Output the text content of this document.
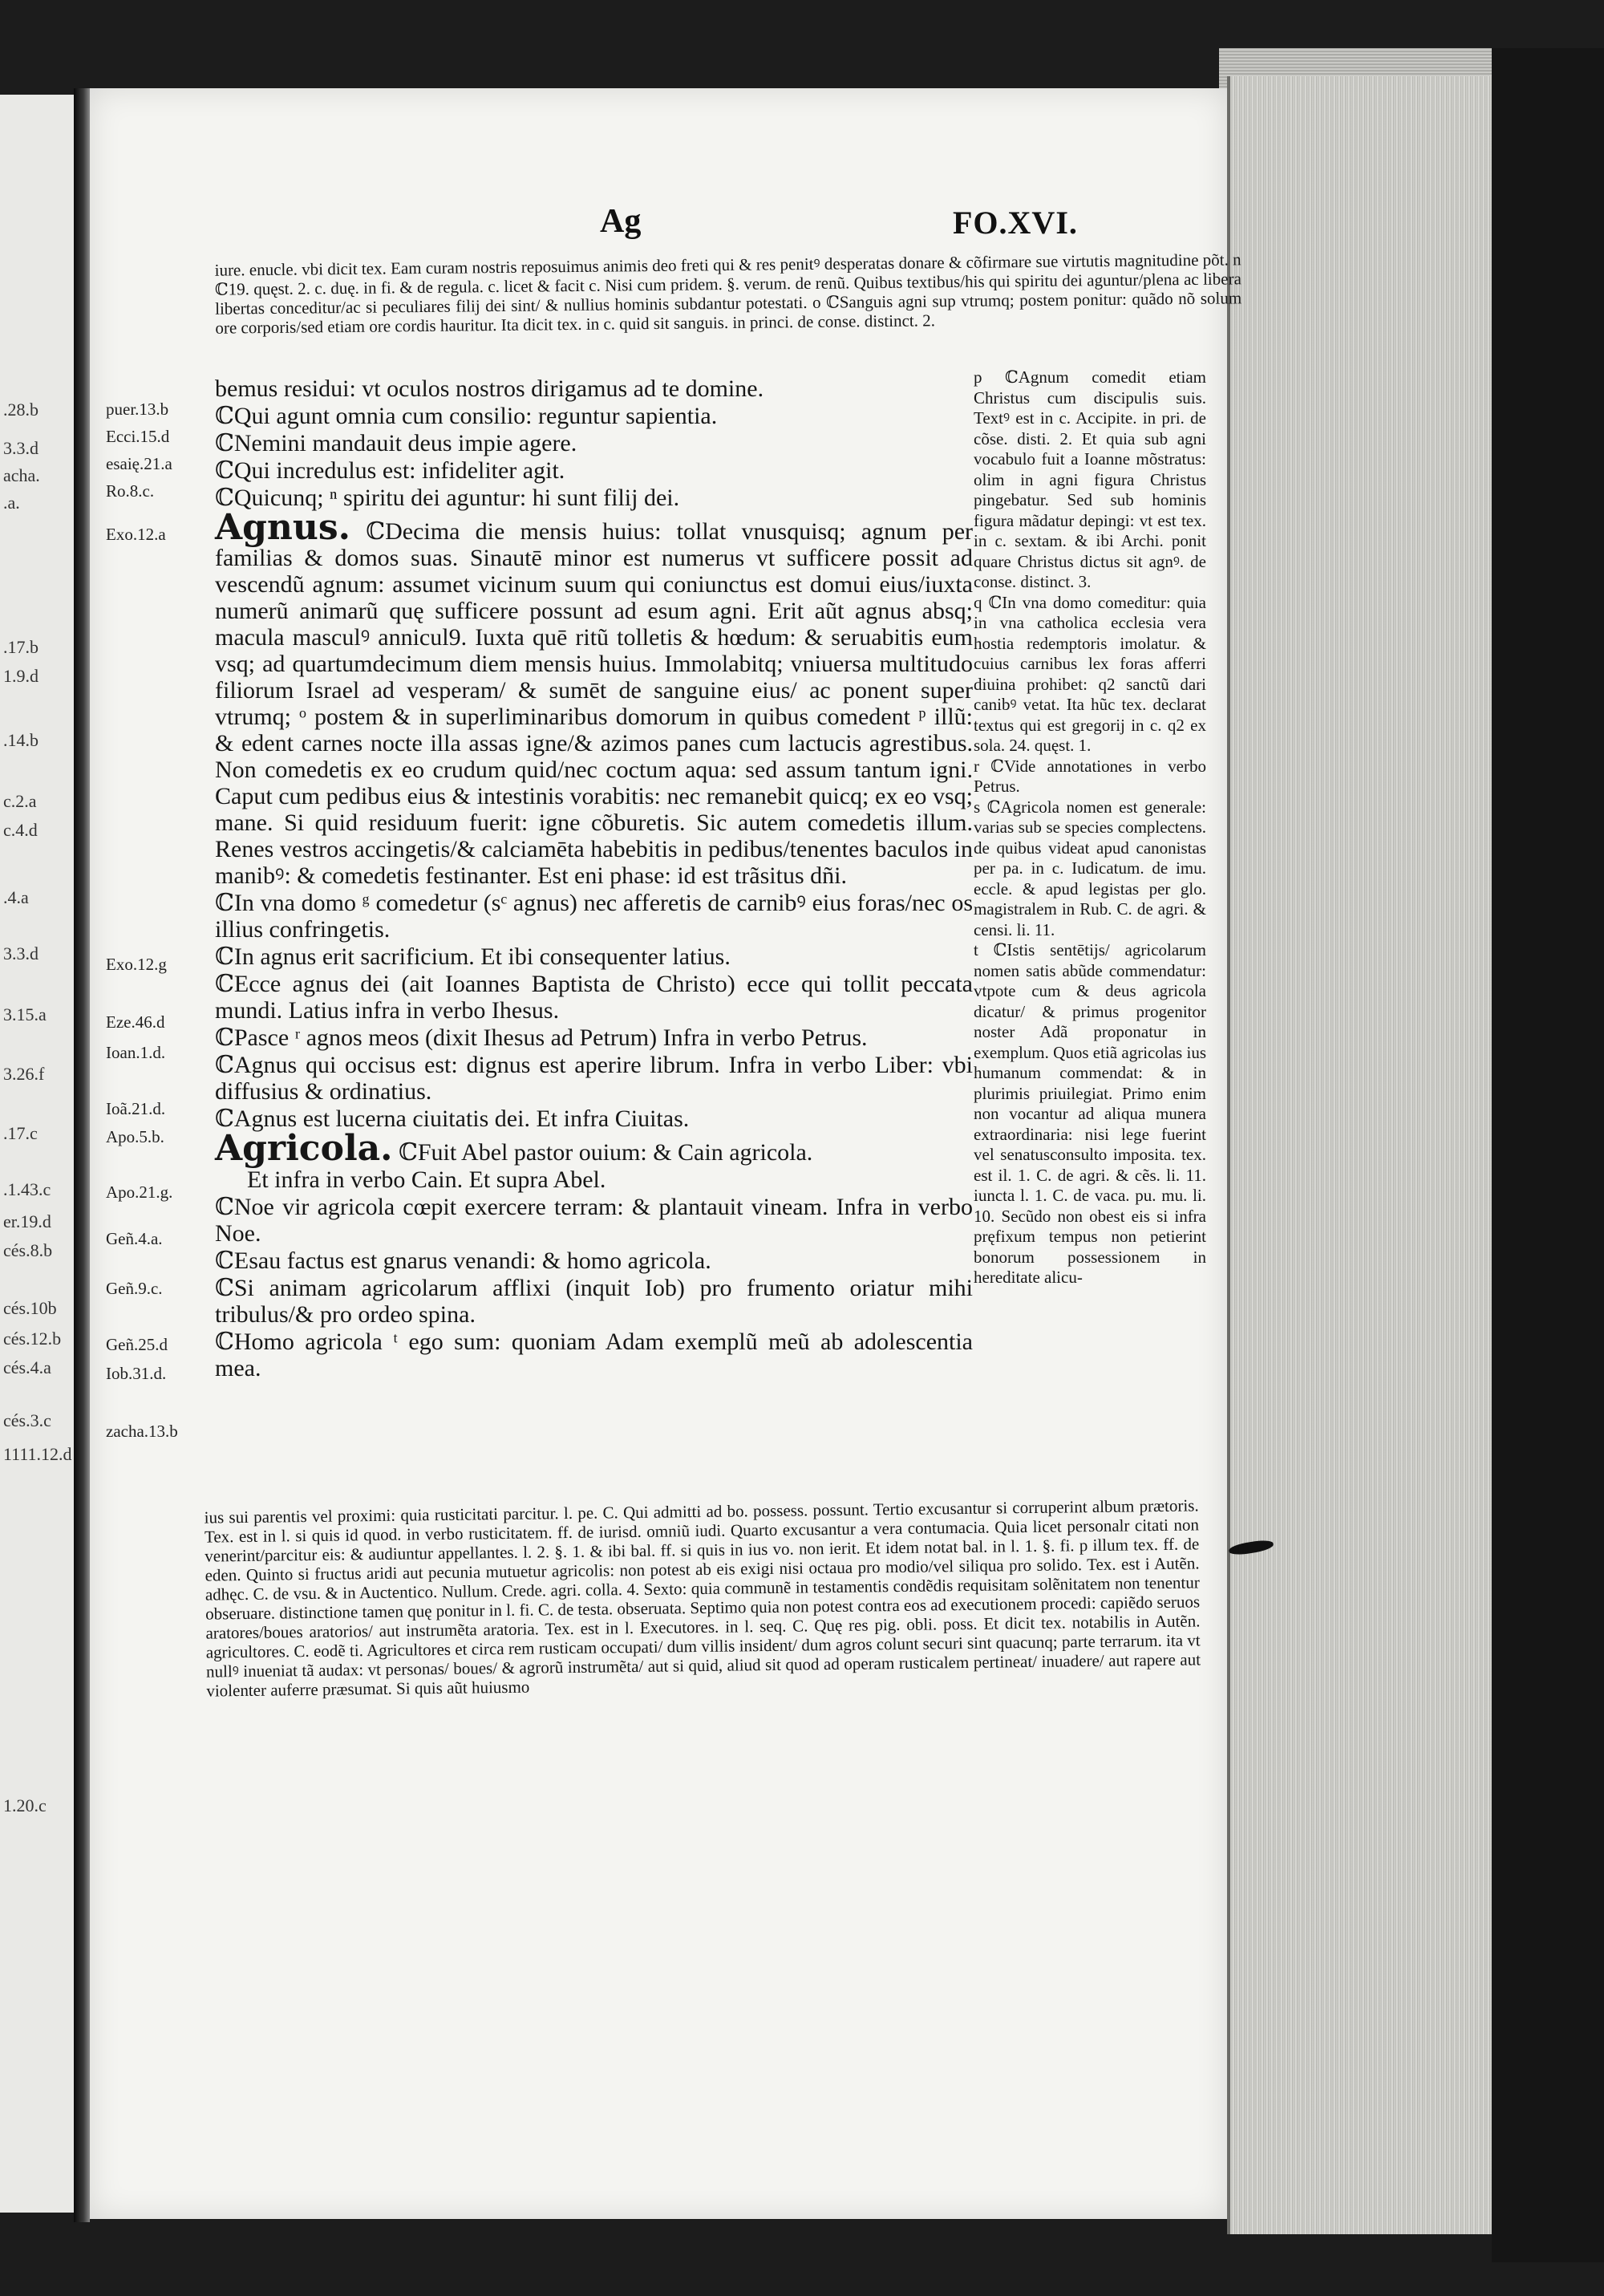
.28.b
3.3.d
acha.
.a.
.17.b
1.9.d
.14.b
c.2.a
c.4.d
.4.a
3.3.d
3.15.a
3.26.f
.17.c
.1.43.c
er.19.d
cés.8.b
cés.10b
cés.12.b
cés.4.a
cés.3.c
1111.12.d
1.20.c
Ag	FO.XVI.
iure. enucle. vbi dicit tex. Eam curam nostris reposuimus animis deo freti qui & res penitꝰ desperatas donare & cõfirmare sue virtutis magnitudine põt. n ℂ19. quęst. 2. c. duę. in fi. & de regula. c. licet & facit c. Nisi cum pridem. §. verum. de renũ. Quibus textibus/his qui spiritu dei aguntur/plena ac libera libertas conceditur/ac si peculiares filij dei sint/ & nullius hominis subdantur potestati. o ℂSanguis agni sup vtrumq; postem ponitur: quãdo nõ solum ore corporis/sed etiam ore cordis hauritur. Ita dicit tex. in c. quid sit sanguis. in princi. de conse. distinct. 2.
puer.13.b
Ecci.15.d
esaię.21.a
Ro.8.c.
Exo.12.a
Exo.12.g
Eze.46.d
Ioan.1.d.
Ioã.21.d.
Apo.5.b.
Apo.21.g.
Geñ.4.a.
Geñ.9.c.
Geñ.25.d
Iob.31.d.
zacha.13.b

bemus residui: vt oculos nostros dirigamus ad te domine.

ℂQui agunt omnia cum consilio: reguntur sapientia.

ℂNemini mandauit deus impie agere.

ℂQui incredulus est: infideliter agit.

ℂQuicunq; ⁿ spiritu dei aguntur: hi sunt filij dei.

Agnus. ℂDecima die mensis huius: tollat vnusquisq; agnum per familias & domos suas. Sinautē minor est numerus vt sufficere possit ad vescendũ agnum: assumet vicinum suum qui coniunctus est domui eius/iuxta numerũ animarũ quę sufficere possunt ad esum agni. Erit aũt agnus absq; macula masculꝰ annicul9. Iuxta quē ritũ tolletis & hœdum: & seruabitis eum vsq; ad quartumdecimum diem mensis huius. Immolabitq; vniuersa multitudo filiorum Israel ad vesperam/ & sumēt de sanguine eius/ ac ponent super vtrumq; ᵒ postem & in superliminaribus domorum in quibus comedent ᵖ illũ: & edent carnes nocte illa assas igne/& azimos panes cum lactucis agrestibus. Non comedetis ex eo crudum quid/nec coctum aqua: sed assum tantum igni. Caput cum pedibus eius & intestinis vorabitis: nec remanebit quicq; ex eo vsq; mane. Si quid residuum fuerit: igne cõburetis. Sic autem comedetis illum. Renes vestros accingetis/& calciamēta habebitis in pedibus/tenentes baculos in manibꝰ: & comedetis festinanter. Est eni phase: id est trãsitus dñi.

ℂIn vna domo ᵍ comedetur (sᶜ agnus) nec afferetis de carnibꝰ eius foras/nec os illius confringetis.

ℂIn agnus erit sacrificium. Et ibi consequenter latius.

ℂEcce agnus dei (ait Ioannes Baptista de Christo) ecce qui tollit peccata mundi. Latius infra in verbo Ihesus.

ℂPasce ʳ agnos meos (dixit Ihesus ad Petrum) Infra in verbo Petrus.

ℂAgnus qui occisus est: dignus est aperire librum. Infra in verbo Liber: vbi diffusius & ordinatius.

ℂAgnus est lucerna ciuitatis dei. Et infra Ciuitas.

Agricola. ℂFuit Abel pastor ouium: & Cain agricola.

Et infra in verbo Cain. Et supra Abel.

ℂNoe vir agricola cœpit exercere terram: & plantauit vineam. Infra in verbo Noe.

ℂEsau factus est gnarus venandi: & homo agricola.

ℂSi animam agricolarum afflixi (inquit Iob) pro frumento oriatur mihi tribulus/& pro ordeo spina.

ℂHomo agricola ᵗ ego sum: quoniam Adam exemplũ meũ ab adolescentia mea.

p ℂAgnum comedit etiam Christus cum discipulis suis. Textꝰ est in c. Accipite. in pri. de cõse. disti. 2. Et quia sub agni vocabulo fuit a Ioanne mõstratus: olim in agni figura Christus pingebatur. Sed sub hominis figura mãdatur depingi: vt est tex. in c. sextam. & ibi Archi. ponit quare Christus dictus sit agnꝰ. de conse. distinct. 3.

q ℂIn vna domo comeditur: quia in vna catholica ecclesia vera hostia redemptoris imolatur. & cuius carnibus lex foras afferri diuina prohibet: q2 sanctũ dari canibꝰ vetat. Ita hũc tex. declarat textus qui est gregorij in c. q2 ex sola. 24. quęst. 1.

r ℂVide annotationes in verbo Petrus.

s ℂAgricola nomen est generale: varias sub se species complectens. de quibus videat apud canonistas per pa. in c. Iudicatum. de imu. eccle. & apud legistas per glo. magistralem in Rub. C. de agri. & censi. li. 11.

t ℂIstis sentētijs/ agricolarum nomen satis abũde commendatur: vtpote cum & deus agricola dicatur/ & primus progenitor noster Adã proponatur in exemplum. Quos etiã agricolas ius humanum commendat: & in plurimis priuilegiat. Primo enim non vocantur ad aliqua munera extraordinaria: nisi lege fuerint vel senatusconsulto imposita. tex. est il. 1. C. de agri. & cẽs. li. 11. iuncta l. 1. C. de vaca. pu. mu. li. 10. Secũdo non obest eis si infra pręfixum tempus non petierint bonorum possessionem in hereditate alicu-

ius sui parentis vel proximi: quia rusticitati parcitur. l. pe. C. Qui admitti ad bo. possess. possunt. Tertio excusantur si corruperint album prætoris. Tex. est in l. si quis id quod. in verbo rusticitatem. ff. de iurisd. omniũ iudi. Quarto excusantur a vera contumacia. Quia licet personalr citati non venerint/parcitur eis: & audiuntur appellantes. l. 2. §. 1. & ibi bal. ff. si quis in ius vo. non ierit. Et idem notat bal. in l. 1. §. fi. p illum tex. ff. de eden. Quinto si fructus aridi aut pecunia mutuetur agricolis: non potest ab eis exigi nisi octaua pro modio/vel siliqua pro solido. Tex. est i Autẽn. adhęc. C. de vsu. & in Auctentico. Nullum. Crede. agri. colla. 4. Sexto: quia communẽ in testamentis condẽdis requisitam solẽnitatem non tenentur obseruare. distinctione tamen quę ponitur in l. fi. C. de testa. obseruata. Septimo quia non potest contra eos ad executionem procedi: capiẽdo seruos aratores/boues aratorios/ aut instrumẽta aratoria. Tex. est in l. Executores. in l. seq. C. Quę res pig. obli. poss. Et dicit tex. notabilis in Autẽn. agricultores. C. eodẽ ti. Agricultores et circa rem rusticam occupati/ dum villis insident/ dum agros colunt securi sint quacunq; parte terrarum. ita vt nullꝰ inueniat tã audax: vt personas/ boues/ & agrorũ instrumẽta/ aut si quid, aliud sit quod ad operam rusticalem pertineat/ inuadere/ aut rapere aut violenter auferre præsumat. Si quis aũt huiusmo
